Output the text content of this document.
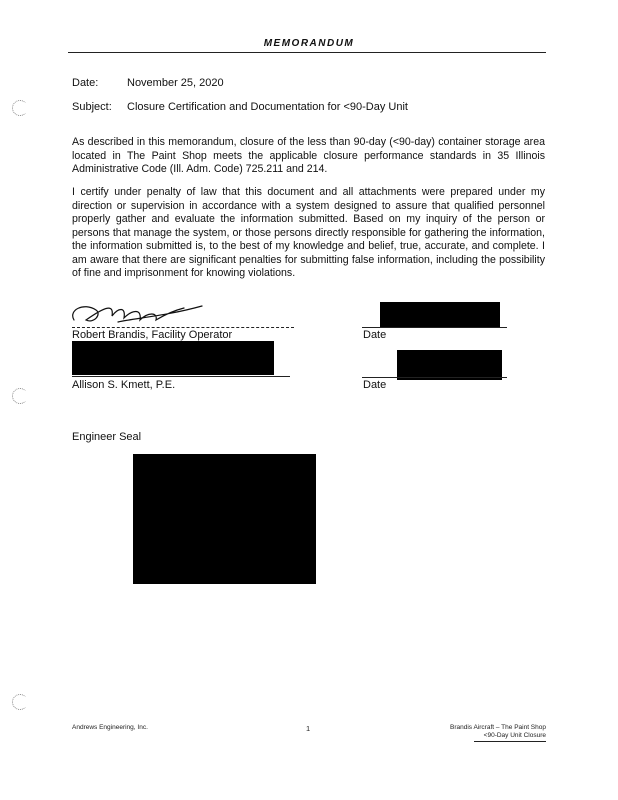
MEMORANDUM
Date:	November 25, 2020
Subject: Closure Certification and Documentation for <90-Day Unit
As described in this memorandum, closure of the less than 90-day (<90-day) container storage area located in The Paint Shop meets the applicable closure performance standards in 35 Illinois Administrative Code (Ill. Adm. Code) 725.211 and 214.
I certify under penalty of law that this document and all attachments were prepared under my direction or supervision in accordance with a system designed to assure that qualified personnel properly gather and evaluate the information submitted. Based on my inquiry of the person or persons that manage the system, or those persons directly responsible for gathering the information, the information submitted is, to the best of my knowledge and belief, true, accurate, and complete. I am aware that there are significant penalties for submitting false information, including the possibility of fine and imprisonment for knowing violations.
Robert Brandis, Facility Operator	Date
Allison S. Kmett, P.E.	Date
Engineer Seal
Andrews Engineering, Inc.	1	Brandis Aircraft – The Paint Shop
<90-Day Unit Closure
